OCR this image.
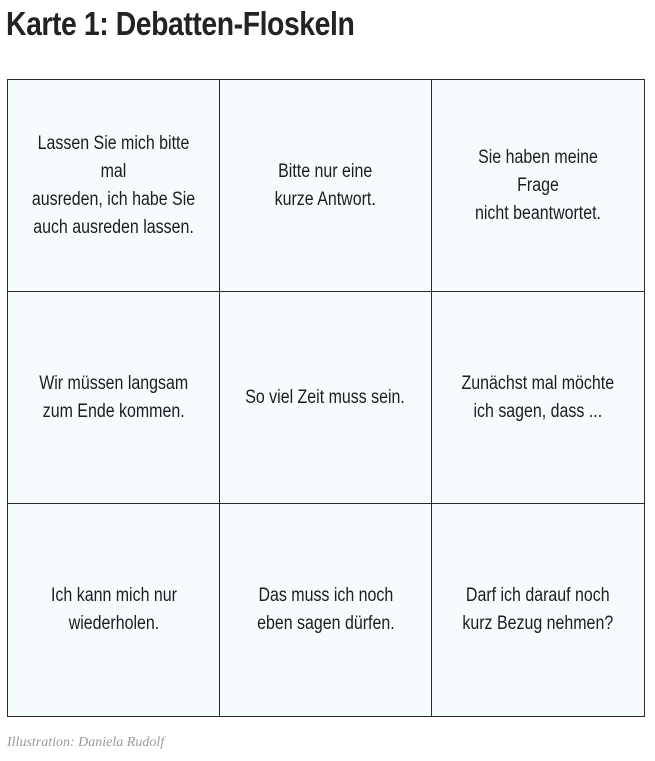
Karte 1: Debatten-Floskeln
Lassen Sie mich bitte mal
ausreden, ich habe Sie
auch ausreden lassen.
Bitte nur eine
kurze Antwort.
Sie haben meine Frage
nicht beantwortet.
Wir müssen langsam
zum Ende kommen.
So viel Zeit muss sein.
Zunächst mal möchte
ich sagen, dass ...
Ich kann mich nur
wiederholen.
Das muss ich noch
eben sagen dürfen.
Darf ich darauf noch
kurz Bezug nehmen?

Illustration: Daniela Rudolf
